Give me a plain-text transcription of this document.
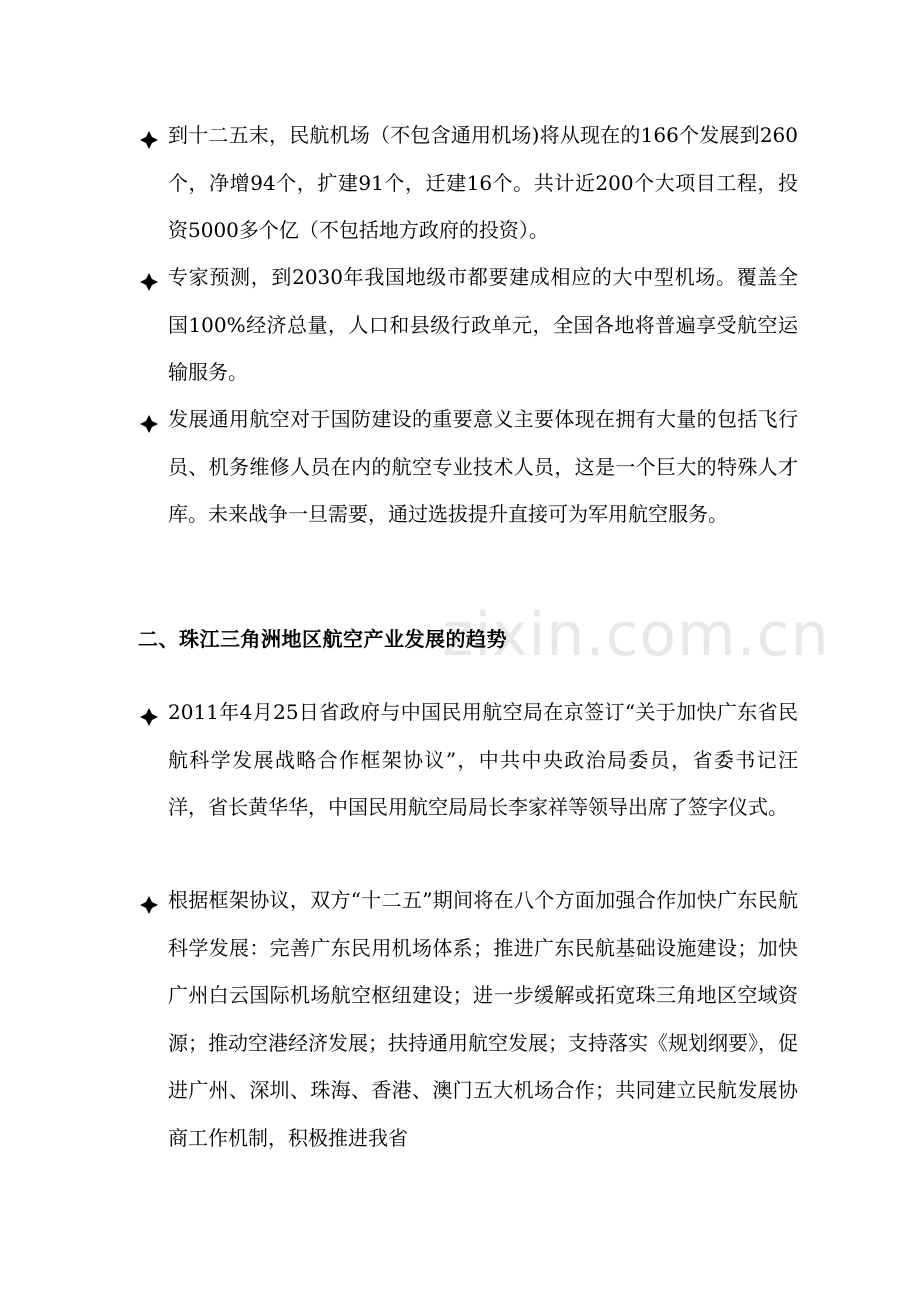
zixin.com.cn
到十二五末，民航机场（不包含通用机场)将从现在的166个发展到260个，净增94个，扩建91个，迁建16个。共计近200个大项目工程，投资5000多个亿（不包括地方政府的投资）。
专家预测，到2030年我国地级市都要建成相应的大中型机场。覆盖全国100%经济总量，人口和县级行政单元，全国各地将普遍享受航空运输服务。
发展通用航空对于国防建设的重要意义主要体现在拥有大量的包括飞行员、机务维修人员在内的航空专业技术人员，这是一个巨大的特殊人才库。未来战争一旦需要，通过选拔提升直接可为军用航空服务。
二、珠江三角洲地区航空产业发展的趋势
2011年4月25日省政府与中国民用航空局在京签订“关于加快广东省民航科学发展战略合作框架协议”，中共中央政治局委员，省委书记汪洋，省长黄华华，中国民用航空局局长李家祥等领导出席了签字仪式。
根据框架协议，双方“十二五”期间将在八个方面加强合作加快广东民航科学发展：完善广东民用机场体系；推进广东民航基础设施建设；加快广州白云国际机场航空枢纽建设；进一步缓解或拓宽珠三角地区空域资源；推动空港经济发展；扶持通用航空发展；支持落实《规划纲要》，促进广州、深圳、珠海、香港、澳门五大机场合作；共同建立民航发展协商工作机制，积极推进我省
